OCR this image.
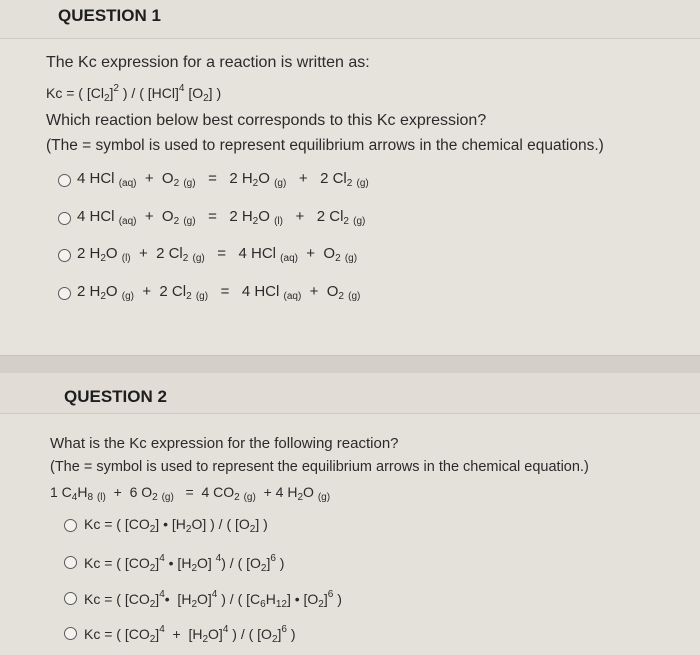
QUESTION 1
The Kc expression for a reaction is written as:
Kc = ( $[Cl_2]^2$ ) / ( [HCl]$^4$ $[O_2]$ )
Which reaction below best corresponds to this Kc expression?
(The = symbol is used to represent equilibrium arrows in the chemical equations.)
4 HCl $_{(aq)} + O_2$ $_{(g)}$   =   2 $H_2O$ $_{(g)}$   +   2 $Cl_2$ $_{(g)}$
4 HCl $_{(aq)} + O_2$ $_{(g)}$   =   2 $H_2O$ $_{(l)}$   +   2 $Cl_2$ $_{(g)}$
2 $H_2O$ $_{(l)}$  +  2 $Cl_2$ $_{(g)}$   =   4 HCl $_{(aq)} + O_2$ $_{(g)}$
2 $H_2O$ $_{(g)}$  +  2 $Cl_2$ $_{(g)}$   =   4 HCl $_{(aq)} + O_2$ $_{(g)}$
QUESTION 2
What is the Kc expression for the following reaction?
(The = symbol is used to represent the equilibrium arrows in the chemical equation.)
1 $C_4H_8$ $_{(l)}$  +  6 $O_2$ $_{(g)}$   =  4 $CO_2$ $_{(g)}$  + 4 $H_2O$ $_{(g)}$
Kc = ( $[CO_2]$ • $[H_2O]$ ) / ( $[O_2]$ )
Kc = ( $[CO_2]^4$ • $[H_2O]$ $^4$) / ( $[O_2]^6$ )
Kc = ( $[CO_2]^4•$  $[H_2O]^4$ ) / ( $[C_6H_{12}]$ • $[O_2]^6$ )
Kc = ( $[CO_2]^4 + [H_2O]^4$ ) / ( $[O_2]^6$ )
